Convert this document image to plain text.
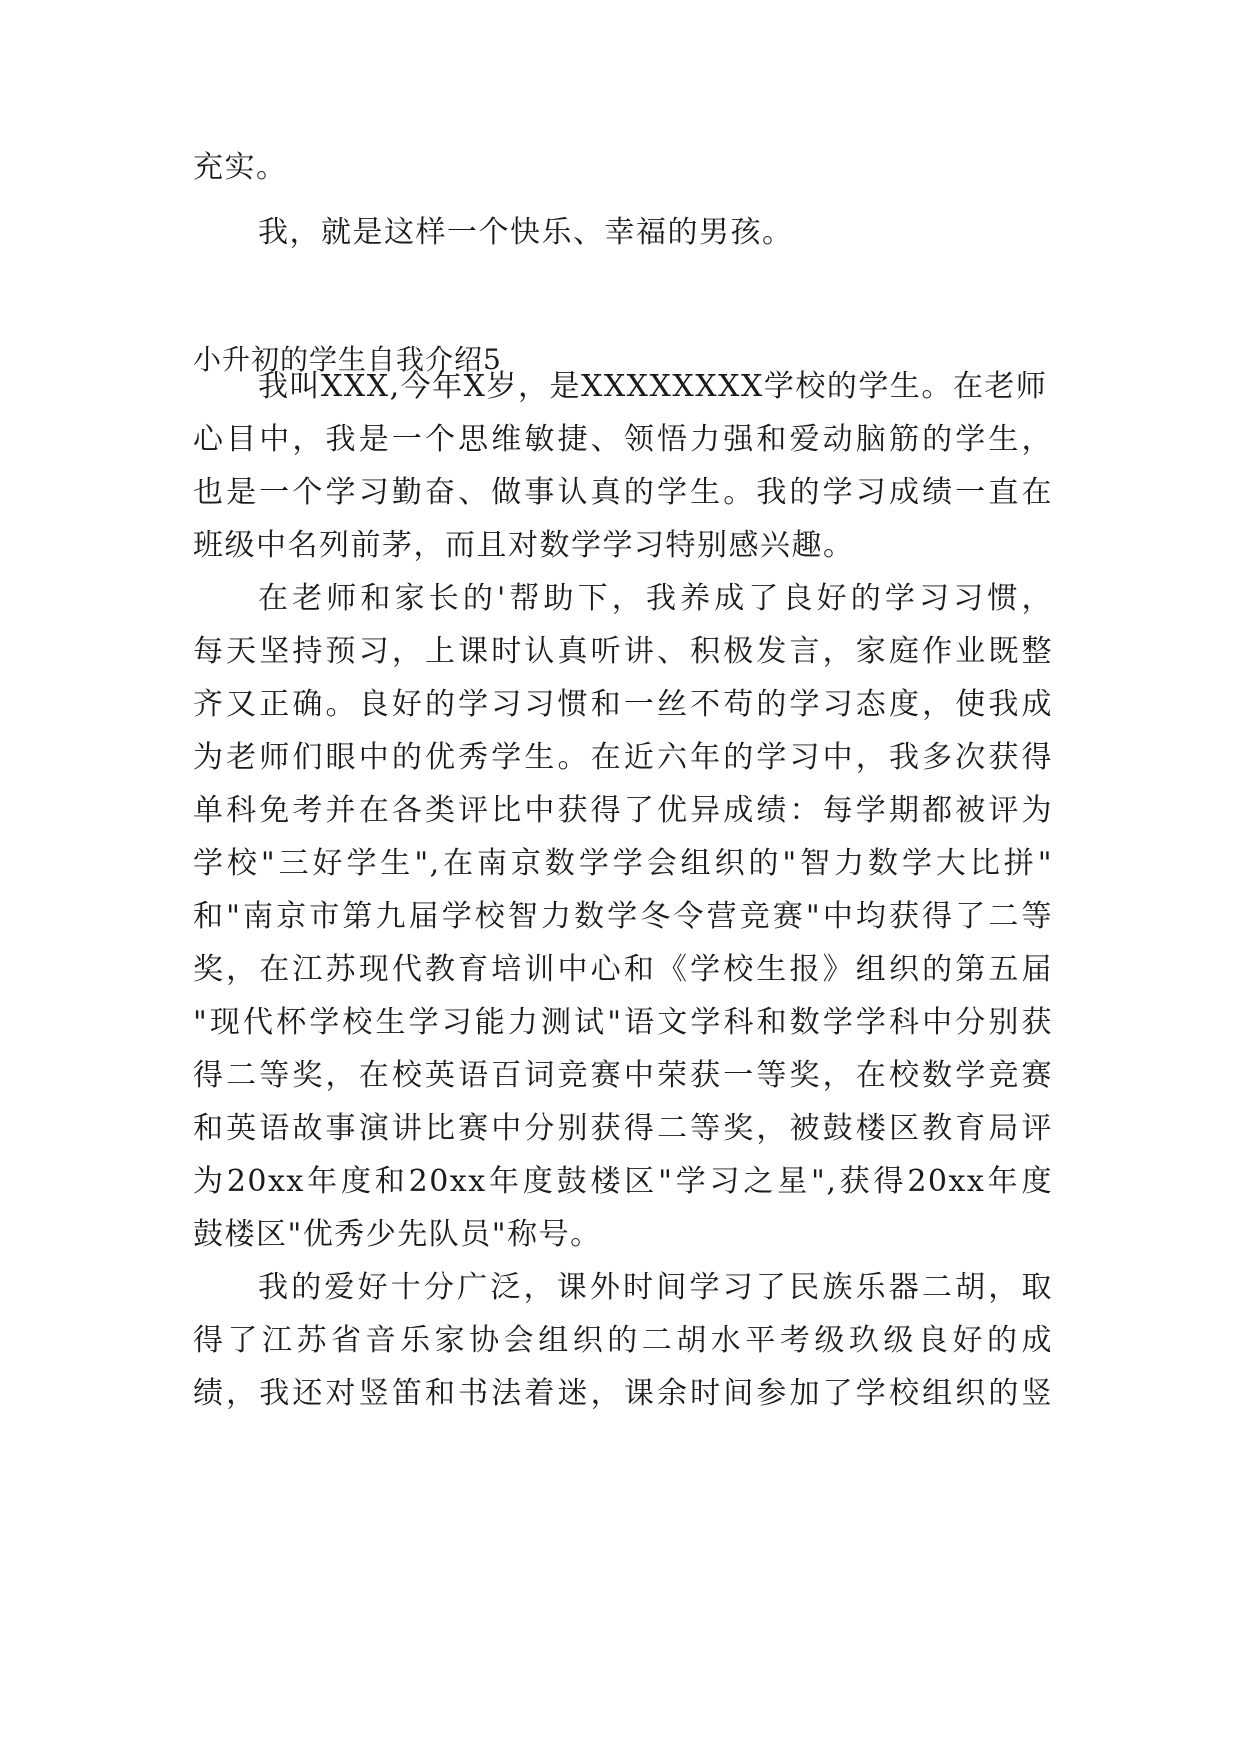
充实。
我，就是这样一个快乐、幸福的男孩。
小升初的学生自我介绍5
我叫XXX,今年X岁，是XXXXXXXX学校的学生。在老师
心目中，我是一个思维敏捷、领悟力强和爱动脑筋的学生，
也是一个学习勤奋、做事认真的学生。我的学习成绩一直在
班级中名列前茅，而且对数学学习特别感兴趣。
在老师和家长的'帮助下，我养成了良好的学习习惯，
每天坚持预习，上课时认真听讲、积极发言，家庭作业既整
齐又正确。良好的学习习惯和一丝不苟的学习态度，使我成
为老师们眼中的优秀学生。在近六年的学习中，我多次获得
单科免考并在各类评比中获得了优异成绩：每学期都被评为
学校"三好学生",在南京数学学会组织的"智力数学大比拼"
和"南京市第九届学校智力数学冬令营竞赛"中均获得了二等
奖，在江苏现代教育培训中心和《学校生报》组织的第五届
"现代杯学校生学习能力测试"语文学科和数学学科中分别获
得二等奖，在校英语百词竞赛中荣获一等奖，在校数学竞赛
和英语故事演讲比赛中分别获得二等奖，被鼓楼区教育局评
为20xx年度和20xx年度鼓楼区"学习之星",获得20xx年度
鼓楼区"优秀少先队员"称号。
我的爱好十分广泛，课外时间学习了民族乐器二胡，取
得了江苏省音乐家协会组织的二胡水平考级玖级良好的成
绩，我还对竖笛和书法着迷，课余时间参加了学校组织的竖
